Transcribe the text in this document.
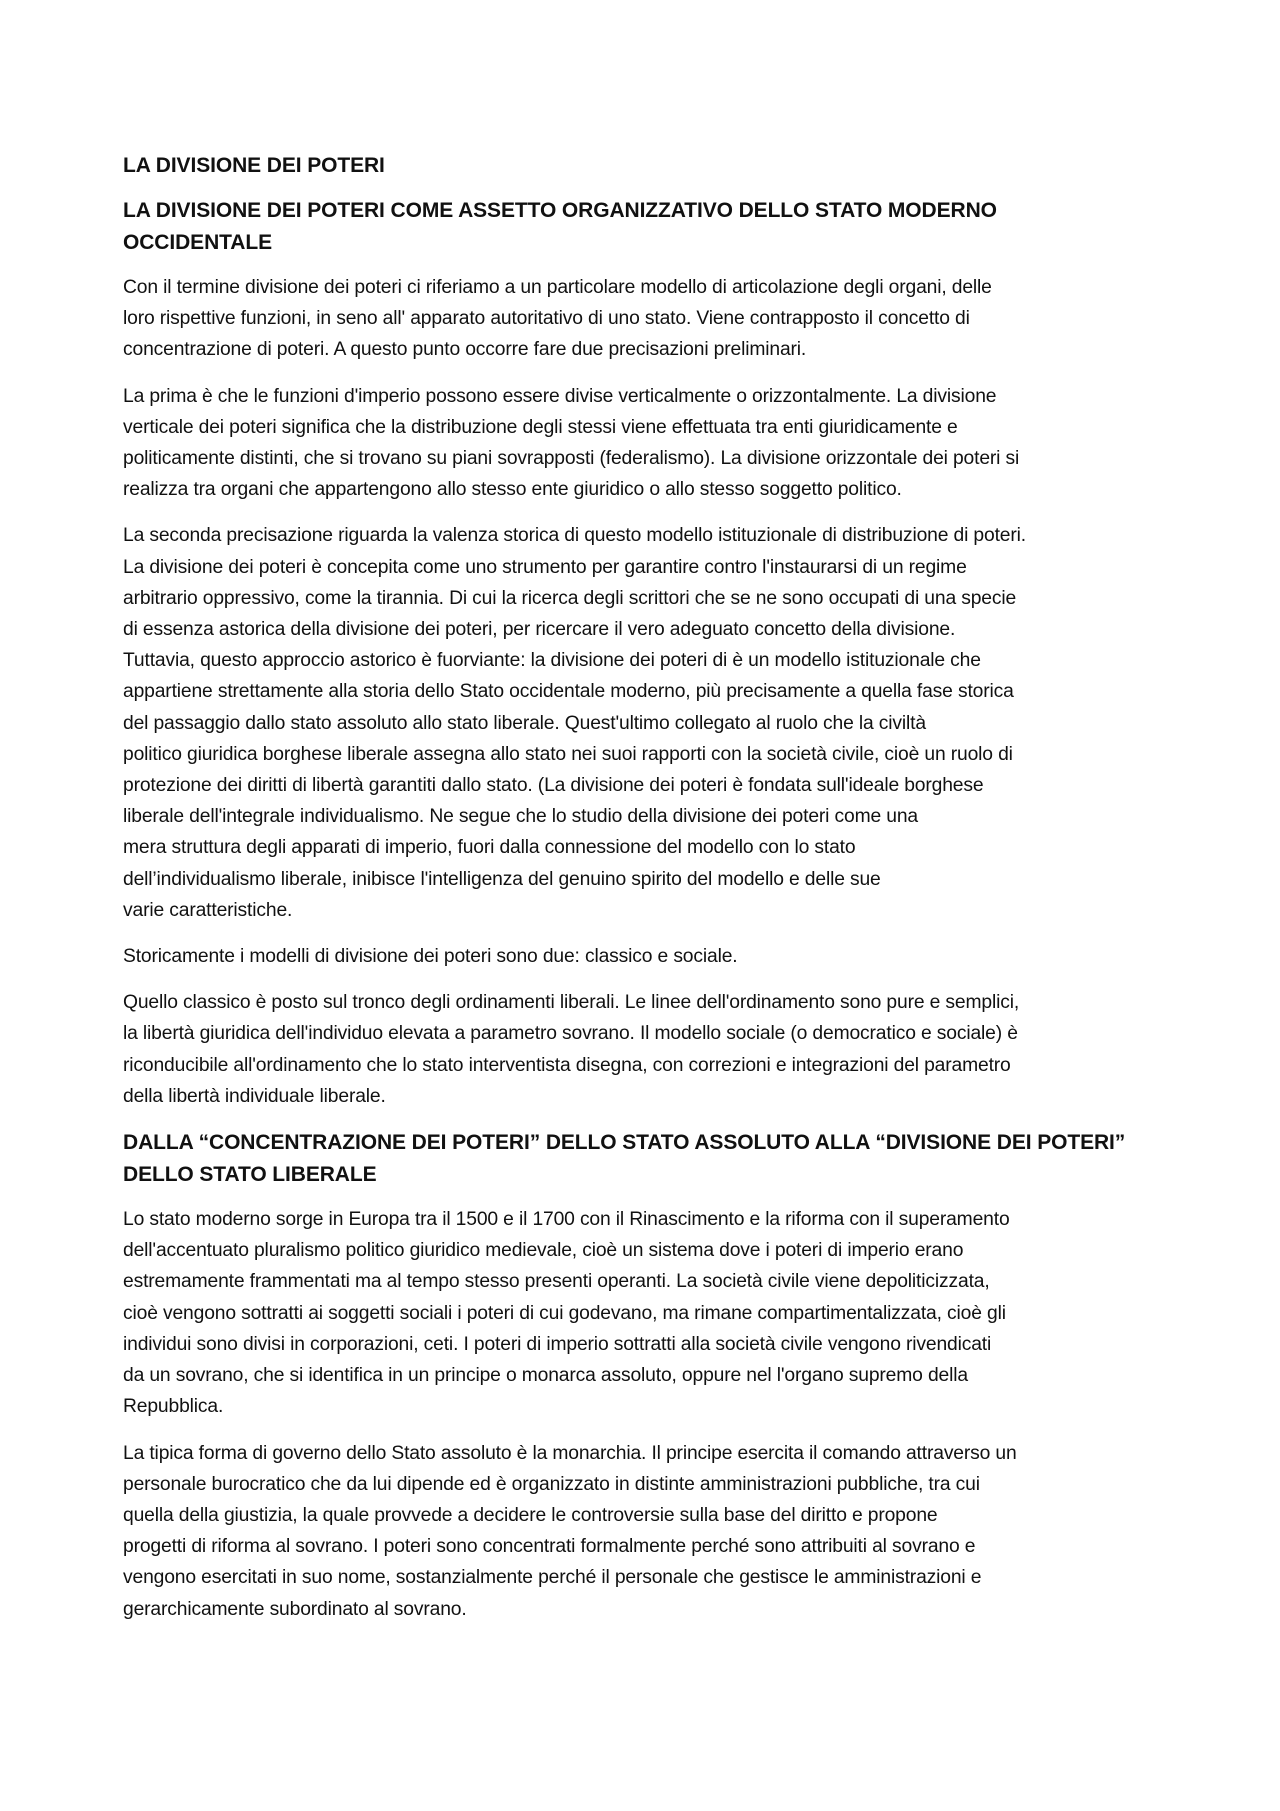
LA DIVISIONE DEI POTERI
LA DIVISIONE DEI POTERI COME ASSETTO ORGANIZZATIVO DELLO STATO MODERNO
OCCIDENTALE
Con il termine divisione dei poteri ci riferiamo a un particolare modello di articolazione degli organi, delle
loro rispettive funzioni, in seno all' apparato autoritativo di uno stato. Viene contrapposto il concetto di
concentrazione di poteri. A questo punto occorre fare due precisazioni preliminari.
La prima è che le funzioni d'imperio possono essere divise verticalmente o orizzontalmente. La divisione
verticale dei poteri significa che la distribuzione degli stessi viene effettuata tra enti giuridicamente e
politicamente distinti, che si trovano su piani sovrapposti (federalismo). La divisione orizzontale dei poteri si
realizza tra organi che appartengono allo stesso ente giuridico o allo stesso soggetto politico.
La seconda precisazione riguarda la valenza storica di questo modello istituzionale di distribuzione di poteri.
La divisione dei poteri è concepita come uno strumento per garantire contro l'instaurarsi di un regime
arbitrario oppressivo, come la tirannia. Di cui la ricerca degli scrittori che se ne sono occupati di una specie
di essenza astorica della divisione dei poteri, per ricercare il vero adeguato concetto della divisione.
Tuttavia, questo approccio astorico è fuorviante: la divisione dei poteri di è un modello istituzionale che
appartiene strettamente alla storia dello Stato occidentale moderno, più precisamente a quella fase storica
del passaggio dallo stato assoluto allo stato liberale. Quest'ultimo collegato al ruolo che la civiltà
politico giuridica borghese liberale assegna allo stato nei suoi rapporti con la società civile, cioè un ruolo di
protezione dei diritti di libertà garantiti dallo stato. (La divisione dei poteri è fondata sull'ideale borghese
liberale dell'integrale individualismo. Ne segue che lo studio della divisione dei poteri come una
mera struttura degli apparati di imperio, fuori dalla connessione del modello con lo stato
dell’individualismo liberale, inibisce l'intelligenza del genuino spirito del modello e delle sue
varie caratteristiche.
Storicamente i modelli di divisione dei poteri sono due: classico e sociale.
Quello classico è posto sul tronco degli ordinamenti liberali. Le linee dell'ordinamento sono pure e semplici,
la libertà giuridica dell'individuo elevata a parametro sovrano. Il modello sociale (o democratico e sociale) è
riconducibile all'ordinamento che lo stato interventista disegna, con correzioni e integrazioni del parametro
della libertà individuale liberale.
DALLA “CONCENTRAZIONE DEI POTERI” DELLO STATO ASSOLUTO ALLA “DIVISIONE DEI POTERI”
DELLO STATO LIBERALE
Lo stato moderno sorge in Europa tra il 1500 e il 1700 con il Rinascimento e la riforma con il superamento
dell'accentuato pluralismo politico giuridico medievale, cioè un sistema dove i poteri di imperio erano
estremamente frammentati ma al tempo stesso presenti operanti. La società civile viene depoliticizzata,
cioè vengono sottratti ai soggetti sociali i poteri di cui godevano, ma rimane compartimentalizzata, cioè gli
individui sono divisi in corporazioni, ceti. I poteri di imperio sottratti alla società civile vengono rivendicati
da un sovrano, che si identifica in un principe o monarca assoluto, oppure nel l'organo supremo della
Repubblica.
La tipica forma di governo dello Stato assoluto è la monarchia. Il principe esercita il comando attraverso un
personale burocratico che da lui dipende ed è organizzato in distinte amministrazioni pubbliche, tra cui
quella della giustizia, la quale provvede a decidere le controversie sulla base del diritto e propone
progetti di riforma al sovrano. I poteri sono concentrati formalmente perché sono attribuiti al sovrano e
vengono esercitati in suo nome, sostanzialmente perché il personale che gestisce le amministrazioni e
gerarchicamente subordinato al sovrano.
